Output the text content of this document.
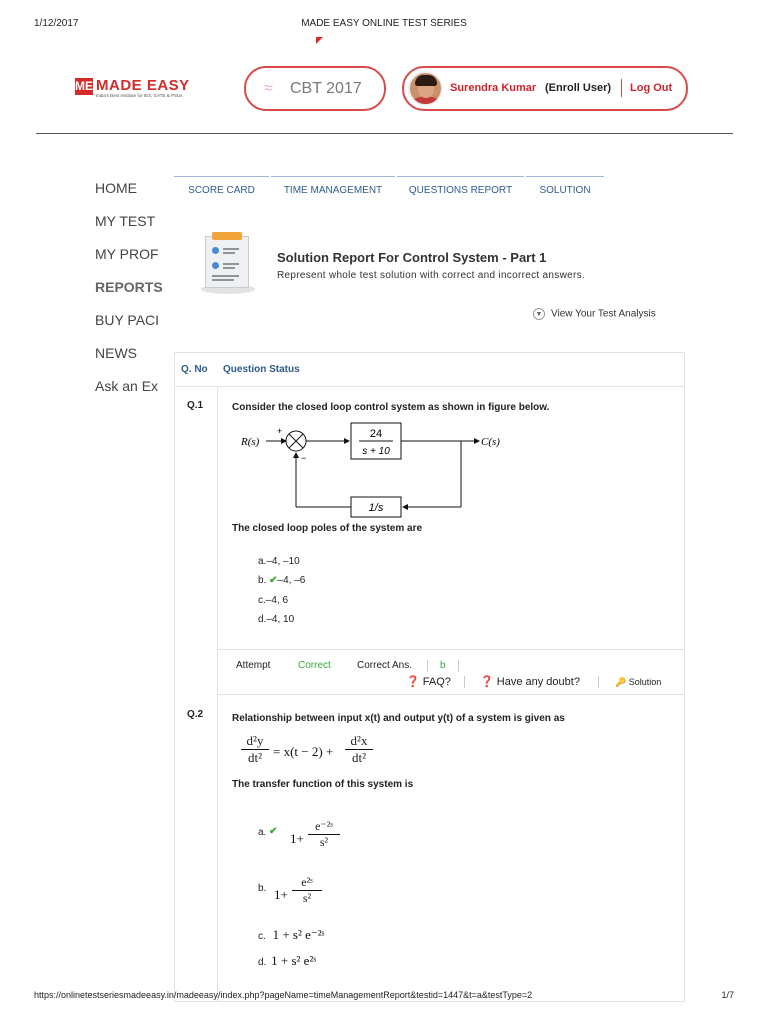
1/12/2017	MADE EASY ONLINE TEST SERIES
ME MADE EASY
India's Best Institute for IES, GATE & PSUs	≈ CBT 2017	Surendra Kumar (Enroll User) Log Out
HOME
MY TEST
MY PROF
REPORTS
BUY PACI
NEWS
Ask an Ex
SCORE CARD	TIME MANAGEMENT	QUESTIONS REPORT	SOLUTION
Solution Report For Control System - Part 1
Represent whole test solution with correct and incorrect answers.
▼ View Your Test Analysis
Q. No Question Status
Q.1	Consider the closed loop control system as shown in figure below.
R(s)
+
−
24
s + 10
C(s)
1/s
The closed loop poles of the system are
a.–4, –10
b. ✔–4, –6
c.–4, 6
d.–4, 10
Attempt	Correct	Correct Ans.	b
❓ FAQ?	❓ Have any doubt?	🔑 Solution
Q.2	Relationship between input x(t) and output y(t) of a system is given as
d²y
dt² = x(t − 2) +
d²x
dt²
The transfer function of this system is
a. ✔ 1+
e⁻²ˢ
s²
b. 1+
e²ˢ
s²
c. 1 + s² e⁻²ˢ
d. 1 + s² e²ˢ
https://onlinetestseriesmadeeasy.in/madeeasy/index.php?pageName=timeManagementReport&testid=1447&t=a&testType=2	1/7
